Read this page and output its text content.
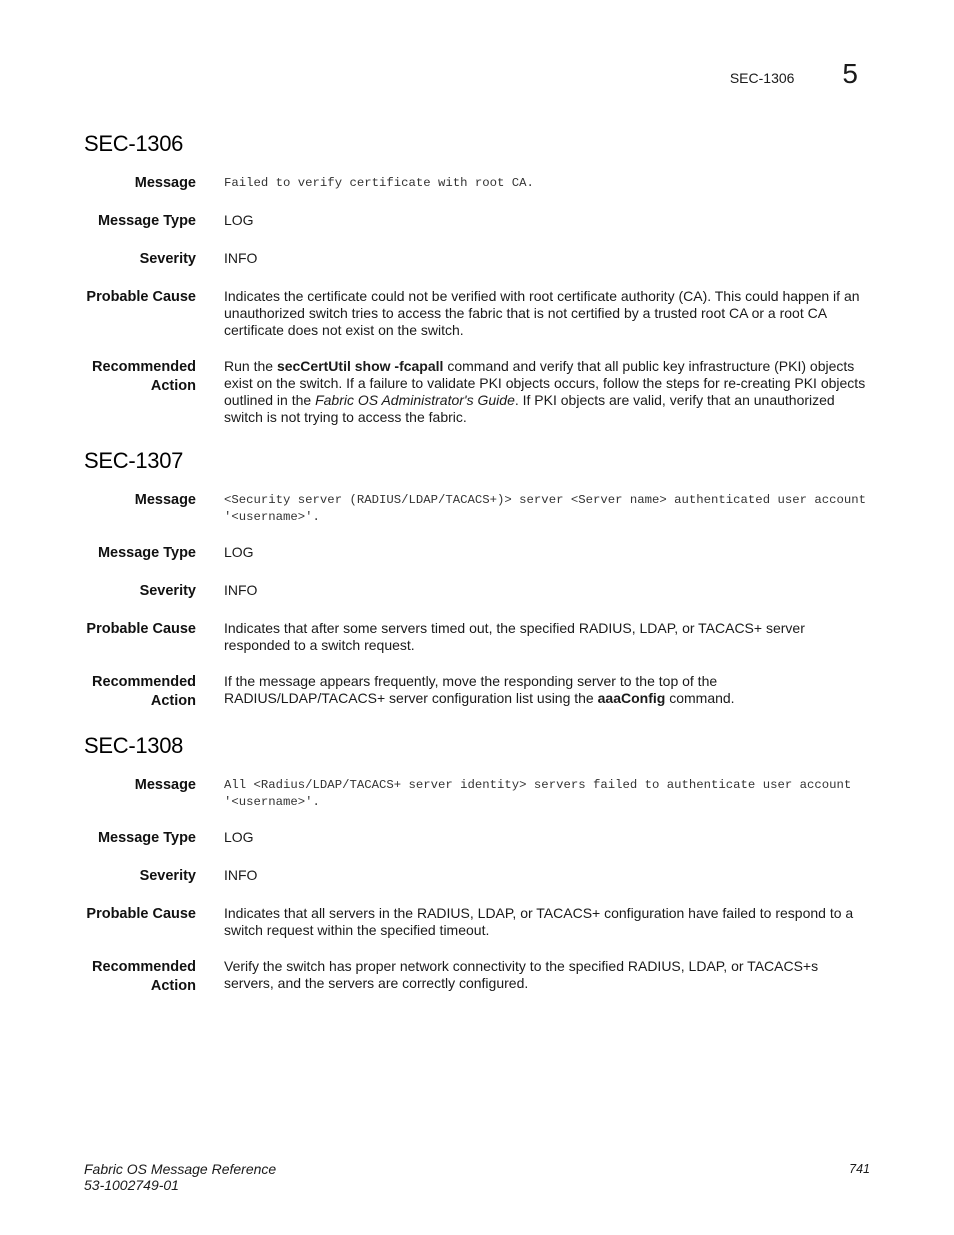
SEC-1306 5
SEC-1306
Message Failed to verify certificate with root CA.
Message Type LOG
Severity INFO
Probable Cause Indicates the certificate could not be verified with root certificate authority (CA). This could happen if an unauthorized switch tries to access the fabric that is not certified by a trusted root CA or a root CA certificate does not exist on the switch.
Recommended
Action
Run the secCertUtil show -fcapall command and verify that all public key infrastructure (PKI) objects exist on the switch. If a failure to validate PKI objects occurs, follow the steps for re-creating PKI objects outlined in the Fabric OS Administrator's Guide. If PKI objects are valid, verify that an unauthorized switch is not trying to access the fabric.
SEC-1307
Message <Security server (RADIUS/LDAP/TACACS+)> server <Server name> authenticated user account '<username>'.
Message Type LOG
Severity INFO
Probable Cause Indicates that after some servers timed out, the specified RADIUS, LDAP, or TACACS+ server responded to a switch request.
Recommended
Action
If the message appears frequently, move the responding server to the top of the RADIUS/LDAP/TACACS+ server configuration list using the aaaConfig command.
SEC-1308
Message All <Radius/LDAP/TACACS+ server identity> servers failed to authenticate user account '<username>'.
Message Type LOG
Severity INFO
Probable Cause Indicates that all servers in the RADIUS, LDAP, or TACACS+ configuration have failed to respond to a switch request within the specified timeout.
Recommended
Action
Verify the switch has proper network connectivity to the specified RADIUS, LDAP, or TACACS+s servers, and the servers are correctly configured.
Fabric OS Message Reference
53-1002749-01
741
